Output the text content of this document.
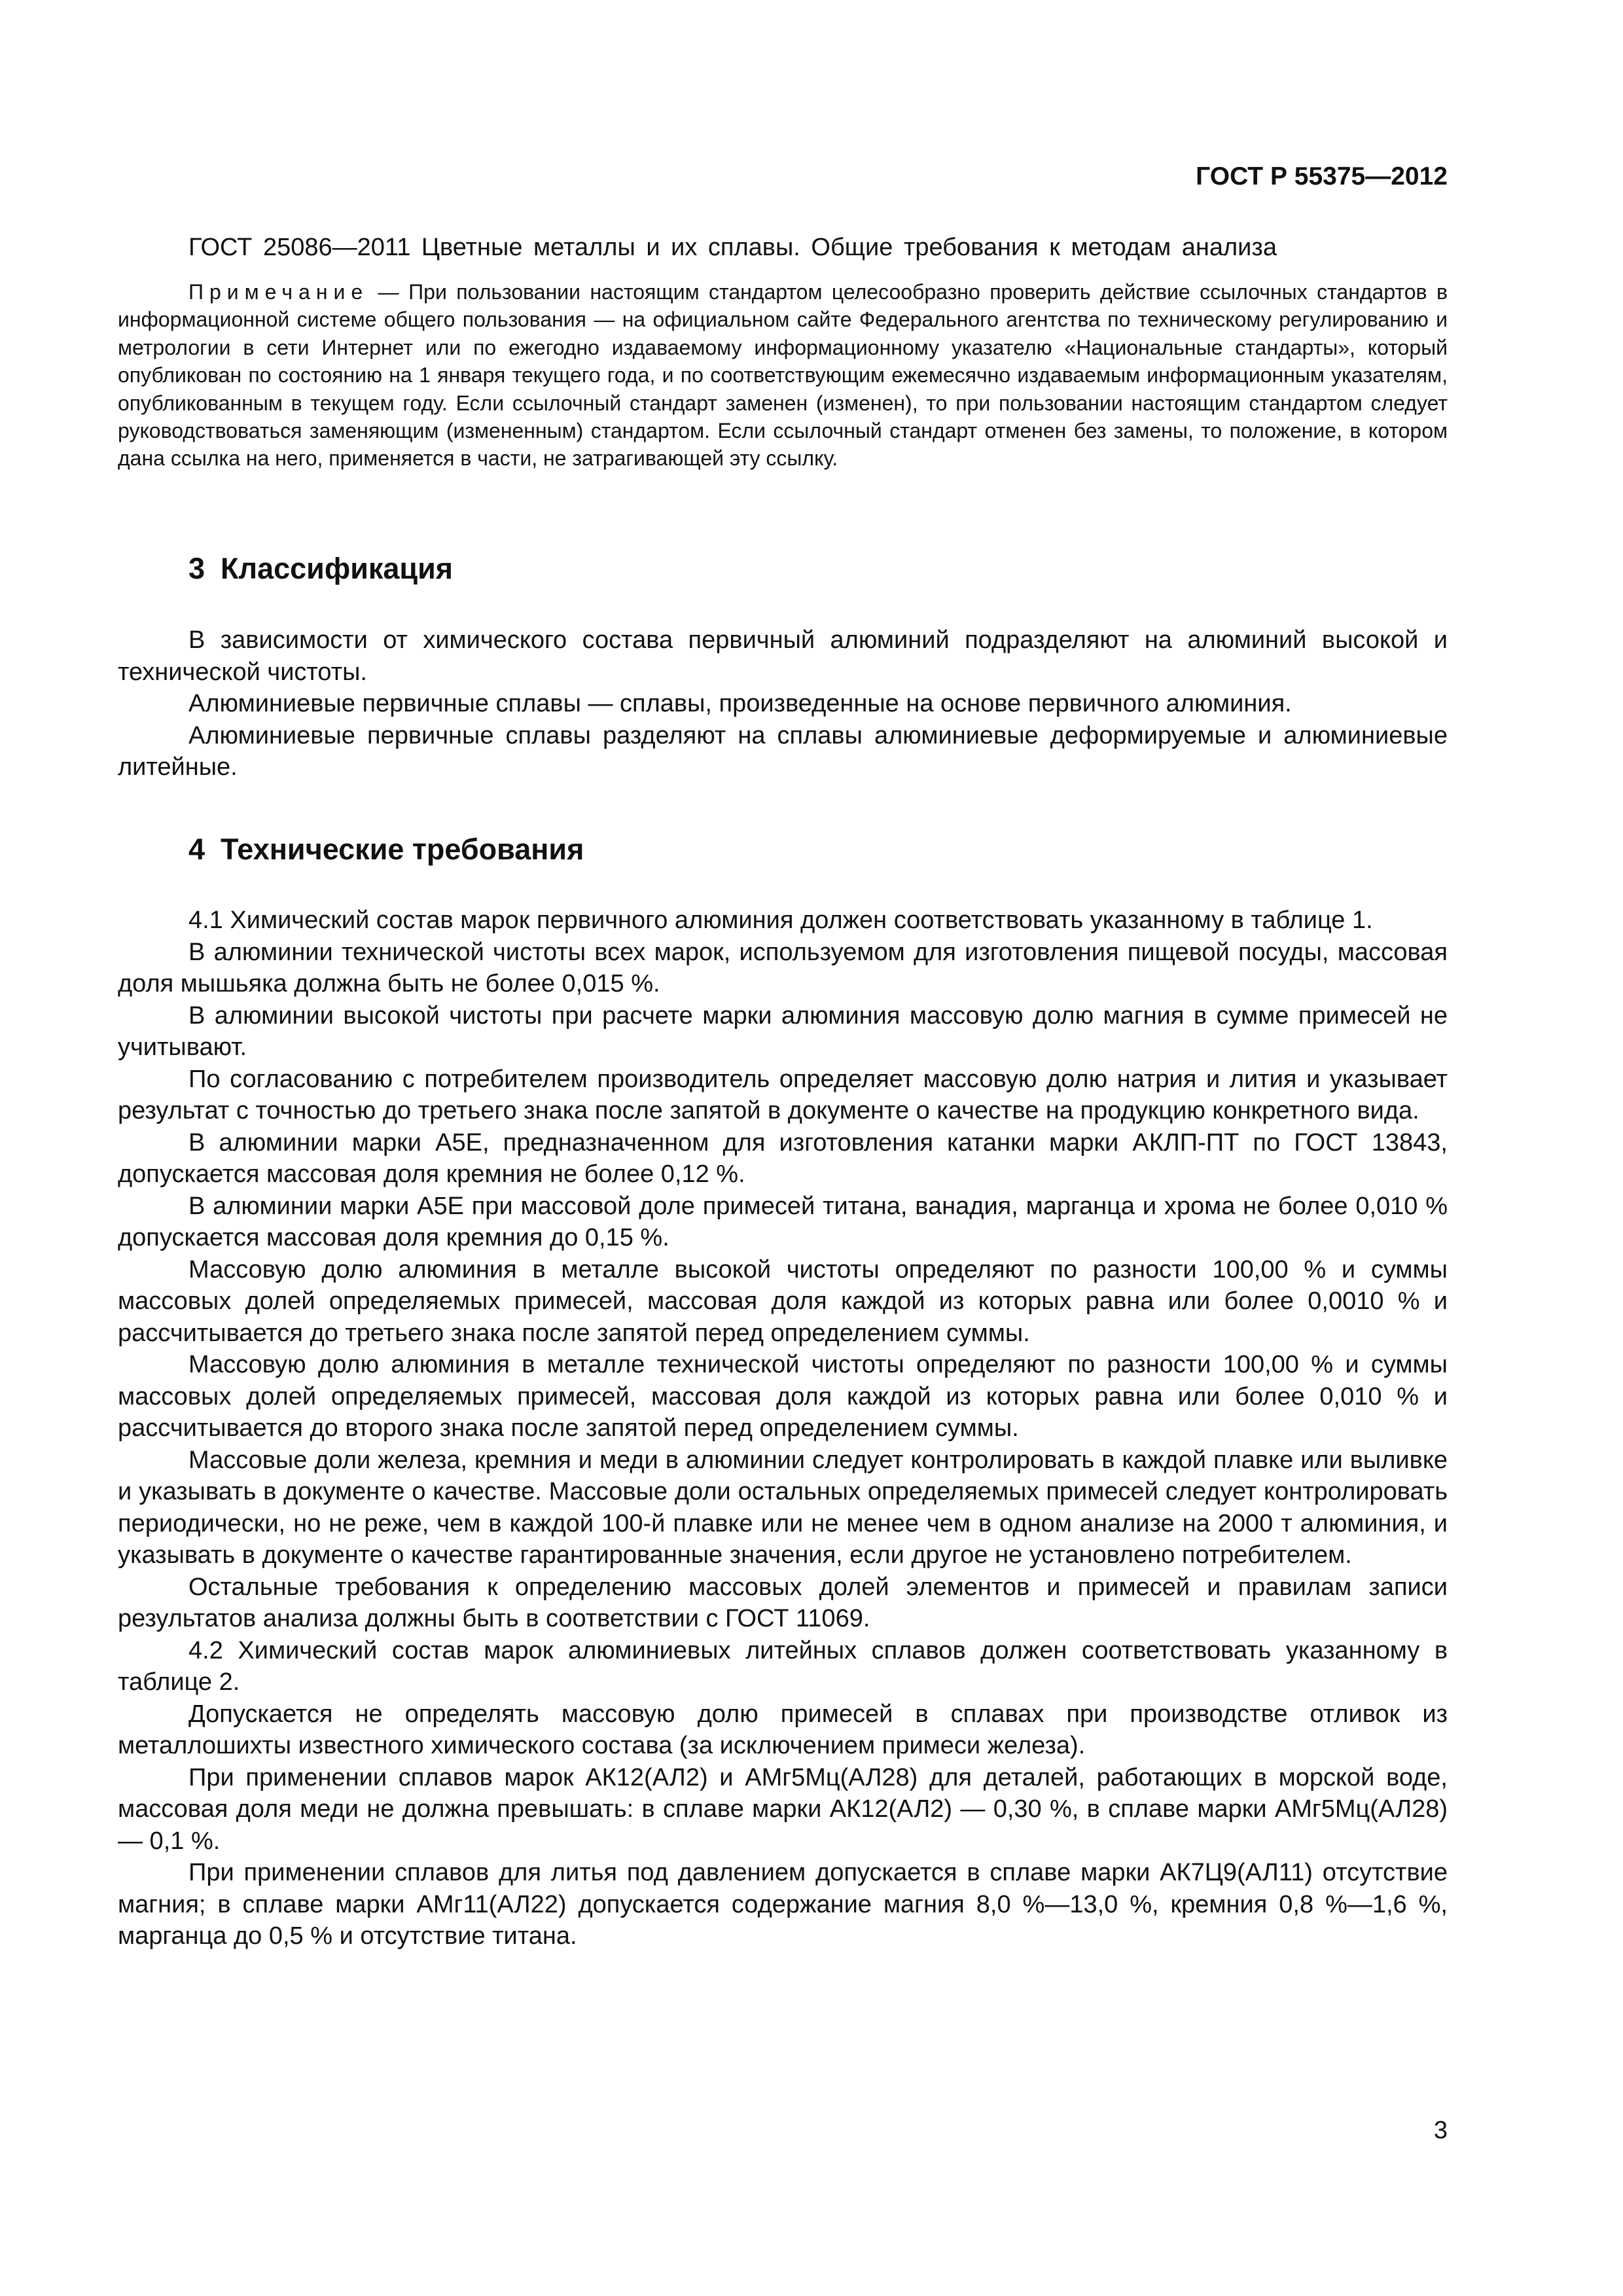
ГОСТ Р 55375—2012
ГОСТ 25086—2011 Цветные металлы и их сплавы. Общие требования к методам анализа

Примечание — При пользовании настоящим стандартом целесообразно проверить действие ссылочных стандартов в информационной системе общего пользования — на официальном сайте Федерального агентства по техническому регулированию и метрологии в сети Интернет или по ежегодно издаваемому информационному указателю «Национальные стандарты», который опубликован по состоянию на 1 января текущего года, и по соответствующим ежемесячно издаваемым информационным указателям, опубликованным в текущем году. Если ссылочный стандарт заменен (изменен), то при пользовании настоящим стандартом следует руководствоваться заменяющим (измененным) стандартом. Если ссылочный стандарт отменен без замены, то положение, в котором дана ссылка на него, применяется в части, не затрагивающей эту ссылку.

3 Классификация

В зависимости от химического состава первичный алюминий подразделяют на алюминий высокой и технической чистоты.

Алюминиевые первичные сплавы — сплавы, произведенные на основе первичного алюминия.

Алюминиевые первичные сплавы разделяют на сплавы алюминиевые деформируемые и алюминиевые литейные.

4 Технические требования

4.1 Химический состав марок первичного алюминия должен соответствовать указанному в таблице 1.

В алюминии технической чистоты всех марок, используемом для изготовления пищевой посуды, массовая доля мышьяка должна быть не более 0,015 %.

В алюминии высокой чистоты при расчете марки алюминия массовую долю магния в сумме примесей не учитывают.

По согласованию с потребителем производитель определяет массовую долю натрия и лития и указывает результат с точностью до третьего знака после запятой в документе о качестве на продукцию конкретного вида.

В алюминии марки А5Е, предназначенном для изготовления катанки марки АКЛП-ПТ по ГОСТ 13843, допускается массовая доля кремния не более 0,12 %.

В алюминии марки А5Е при массовой доле примесей титана, ванадия, марганца и хрома не более 0,010 % допускается массовая доля кремния до 0,15 %.

Массовую долю алюминия в металле высокой чистоты определяют по разности 100,00 % и суммы массовых долей определяемых примесей, массовая доля каждой из которых равна или более 0,0010 % и рассчитывается до третьего знака после запятой перед определением суммы.

Массовую долю алюминия в металле технической чистоты определяют по разности 100,00 % и суммы массовых долей определяемых примесей, массовая доля каждой из которых равна или более 0,010 % и рассчитывается до второго знака после запятой перед определением суммы.

Массовые доли железа, кремния и меди в алюминии следует контролировать в каждой плавке или выливке и указывать в документе о качестве. Массовые доли остальных определяемых примесей следует контролировать периодически, но не реже, чем в каждой 100-й плавке или не менее чем в одном анализе на 2000 т алюминия, и указывать в документе о качестве гарантированные значения, если другое не установлено потребителем.

Остальные требования к определению массовых долей элементов и примесей и правилам записи результатов анализа должны быть в соответствии с ГОСТ 11069.

4.2 Химический состав марок алюминиевых литейных сплавов должен соответствовать указанному в таблице 2.

Допускается не определять массовую долю примесей в сплавах при производстве отливок из металлошихты известного химического состава (за исключением примеси железа).

При применении сплавов марок АК12(АЛ2) и АМг5Мц(АЛ28) для деталей, работающих в морской воде, массовая доля меди не должна превышать: в сплаве марки АК12(АЛ2) — 0,30 %, в сплаве марки АМг5Мц(АЛ28) — 0,1 %.

При применении сплавов для литья под давлением допускается в сплаве марки АК7Ц9(АЛ11) отсутствие магния; в сплаве марки АМг11(АЛ22) допускается содержание магния 8,0 %—13,0 %, кремния 0,8 %—1,6 %, марганца до 0,5 % и отсутствие титана.

3
